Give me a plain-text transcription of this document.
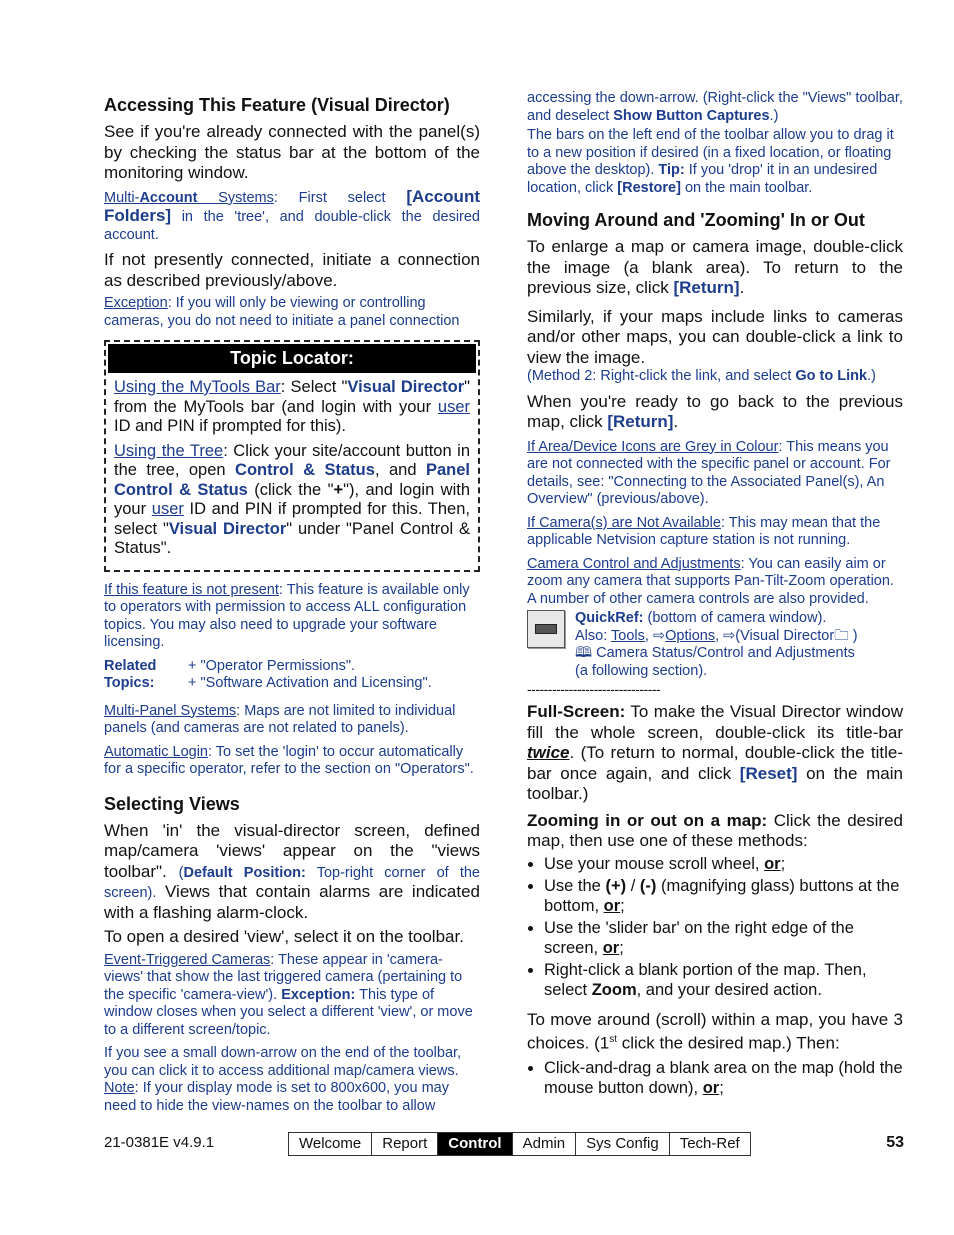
Accessing This Feature (Visual Director)

See if you're already connected with the panel(s) by checking the status bar at the bottom of the monitoring window.

Multi-Account Systems: First select [Account Folders] in the 'tree', and double-click the desired account.

If not presently connected, initiate a connection as described previously/above.

Exception: If you will only be viewing or controlling cameras, you do not need to initiate a panel connection

Topic Locator:

Using the MyTools Bar: Select "Visual Director" from the MyTools bar (and login with your user ID and PIN if prompted for this).

Using the Tree: Click your site/account button in the tree, open Control & Status, and Panel Control & Status (click the "+"), and login with your user ID and PIN if prompted for this. Then, select "Visual Director" under "Panel Control & Status".

If this feature is not present: This feature is available only to operators with permission to access ALL configuration topics. You may also need to upgrade your software licensing.

Related	+ "Operator Permissions".
Topics:	+ "Software Activation and Licensing".

Multi-Panel Systems: Maps are not limited to individual panels (and cameras are not related to panels).

Automatic Login: To set the 'login' to occur automatically for a specific operator, refer to the section on "Operators".

Selecting Views

When 'in' the visual-director screen, defined map/camera 'views' appear on the "views toolbar". (Default Position: Top-right corner of the screen). Views that contain alarms are indicated with a flashing alarm-clock.

To open a desired 'view', select it on the toolbar.

Event-Triggered Cameras: These appear in 'camera-views' that show the last triggered camera (pertaining to the specific 'camera-view'). Exception: This type of window closes when you select a different 'view', or move to a different screen/topic.

If you see a small down-arrow on the end of the toolbar, you can click it to access additional map/camera views.

Note: If your display mode is set to 800x600, you may need to hide the view-names on the toolbar to allow

accessing the down-arrow. (Right-click the "Views" toolbar, and deselect Show Button Captures.)

The bars on the left end of the toolbar allow you to drag it to a new position if desired (in a fixed location, or floating above the desktop). Tip: If you 'drop' it in an undesired location, click [Restore] on the main toolbar.

Moving Around and 'Zooming' In or Out

To enlarge a map or camera image, double-click the image (a blank area). To return to the previous size, click [Return].

Similarly, if your maps include links to cameras and/or other maps, you can double-click a link to view the image.

(Method 2: Right-click the link, and select Go to Link.)

When you're ready to go back to the previous map, click [Return].

If Area/Device Icons are Grey in Colour: This means you are not connected with the specific panel or account. For details, see: "Connecting to the Associated Panel(s), An Overview" (previous/above).

If Camera(s) are Not Available: This may mean that the applicable Netvision capture station is not running.

Camera Control and Adjustments: You can easily aim or zoom any camera that supports Pan-Tilt-Zoom operation. A number of other camera controls are also provided.

QuickRef: (bottom of camera window).
Also: Tools, ⇨Options, ⇨(Visual Director🗀 )
🕮 Camera Status/Control and Adjustments
(a following section).
--------------------------------

Full-Screen: To make the Visual Director window fill the whole screen, double-click its title-bar twice. (To return to normal, double-click the title-bar once again, and click [Reset] on the main toolbar.)

Zooming in or out on a map: Click the desired map, then use one of these methods:

• Use your mouse scroll wheel, or;
• Use the (+) / (-) (magnifying glass) buttons at the bottom, or;
• Use the 'slider bar' on the right edge of the screen, or;
• Right-click a blank portion of the map. Then, select Zoom, and your desired action.

To move around (scroll) within a map, you have 3 choices. (1st click the desired map.) Then:

• Click-and-drag a blank area on the map (hold the mouse button down), or;
21-0381E v4.9.1	Welcome	Report	Control	Admin	Sys Config	Tech-Ref	53
